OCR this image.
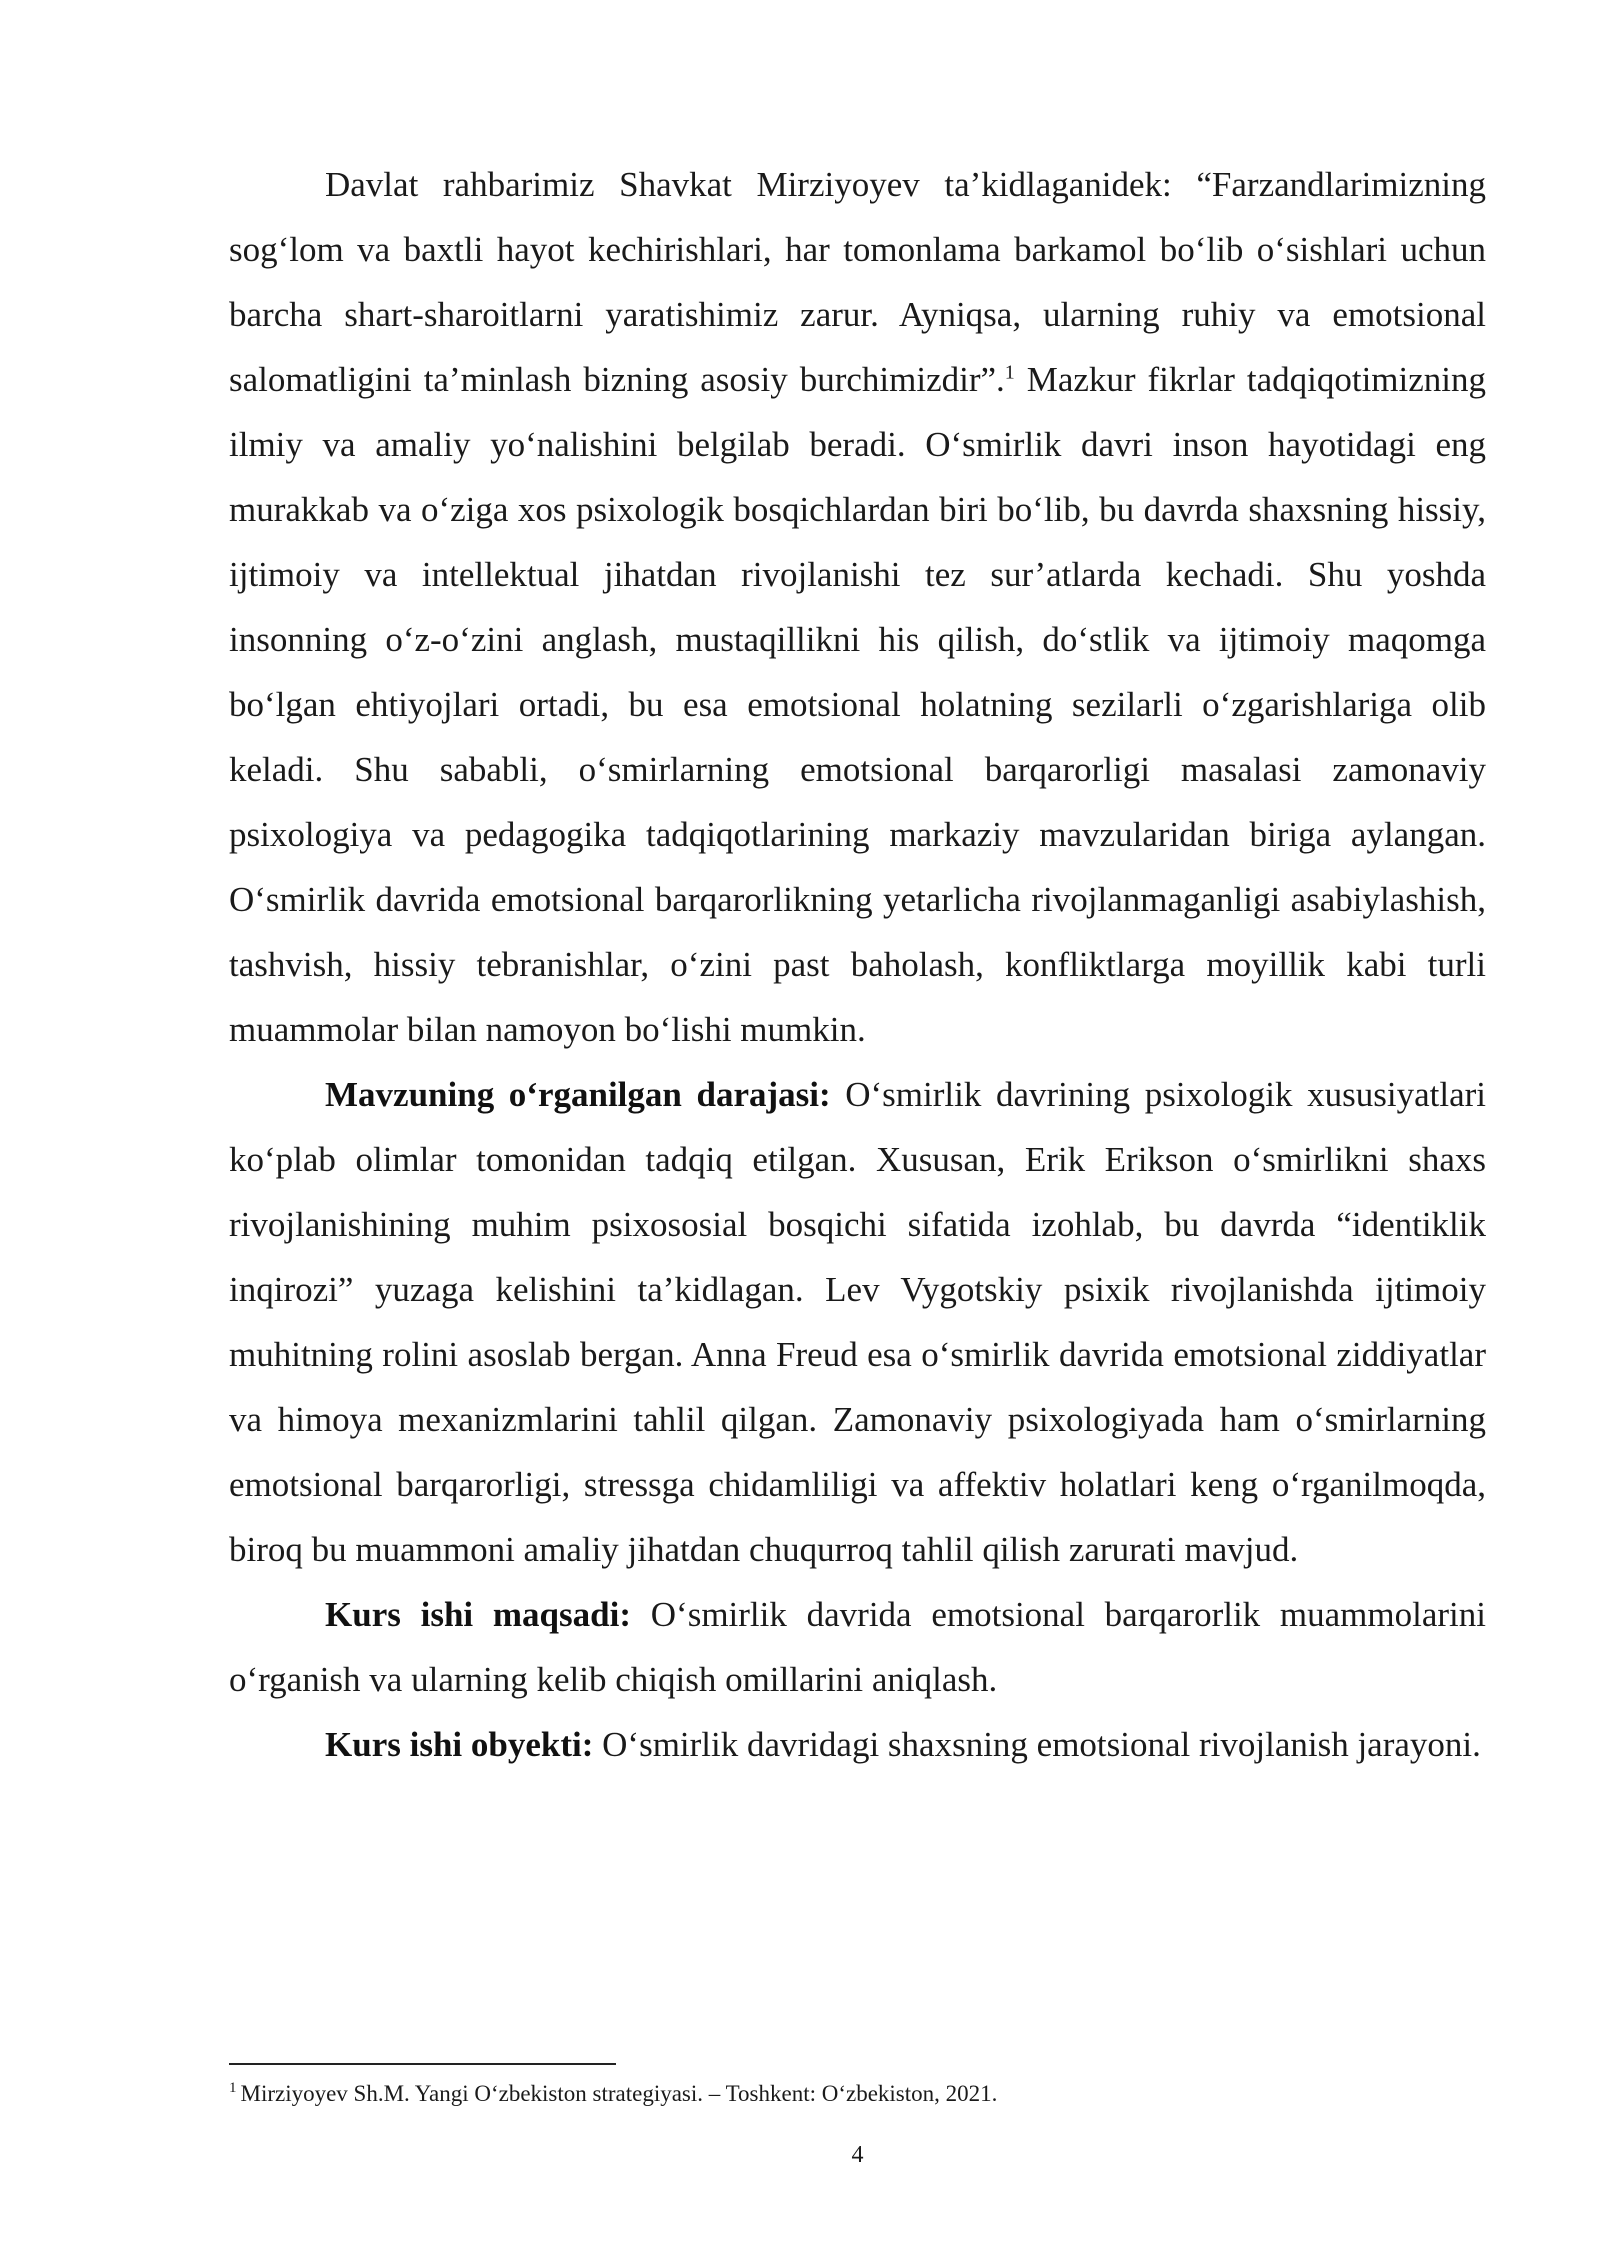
Davlat rahbarimiz Shavkat Mirziyoyev ta’kidlaganidek: “Farzandlarimizning sog‘lom va baxtli hayot kechirishlari, har tomonlama barkamol bo‘lib o‘sishlari uchun barcha shart-sharoitlarni yaratishimiz zarur. Ayniqsa, ularning ruhiy va emotsional salomatligini ta’minlash bizning asosiy burchimizdir”.$^1$ Mazkur fikrlar tadqiqotimizning ilmiy va amaliy yo‘nalishini belgilab beradi. O‘smirlik davri inson hayotidagi eng murakkab va o‘ziga xos psixologik bosqichlardan biri bo‘lib, bu davrda shaxsning hissiy, ijtimoiy va intellektual jihatdan rivojlanishi tez sur’atlarda kechadi. Shu yoshda insonning o‘z-o‘zini anglash, mustaqillikni his qilish, do‘stlik va ijtimoiy maqomga bo‘lgan ehtiyojlari ortadi, bu esa emotsional holatning sezilarli o‘zgarishlariga olib keladi. Shu sababli, o‘smirlarning emotsional barqarorligi masalasi zamonaviy psixologiya va pedagogika tadqiqotlarining markaziy mavzularidan biriga aylangan. O‘smirlik davrida emotsional barqarorlikning yetarlicha rivojlanmaganligi asabiylashish, tashvish, hissiy tebranishlar, o‘zini past baholash, konfliktlarga moyillik kabi turli muammolar bilan namoyon bo‘lishi mumkin.

Mavzuning o‘rganilgan darajasi: O‘smirlik davrining psixologik xususiyatlari ko‘plab olimlar tomonidan tadqiq etilgan. Xususan, Erik Erikson o‘smirlikni shaxs rivojlanishining muhim psixososial bosqichi sifatida izohlab, bu davrda “identiklik inqirozi” yuzaga kelishini ta’kidlagan. Lev Vygotskiy psixik rivojlanishda ijtimoiy muhitning rolini asoslab bergan. Anna Freud esa o‘smirlik davrida emotsional ziddiyatlar va himoya mexanizmlarini tahlil qilgan. Zamonaviy psixologiyada ham o‘smirlarning emotsional barqarorligi, stressga chidamliligi va affektiv holatlari keng o‘rganilmoqda, biroq bu muammoni amaliy jihatdan chuqurroq tahlil qilish zarurati mavjud.

Kurs ishi maqsadi: O‘smirlik davrida emotsional barqarorlik muammolarini o‘rganish va ularning kelib chiqish omillarini aniqlash.

Kurs ishi obyekti: O‘smirlik davridagi shaxsning emotsional rivojlanish jarayoni.

$^1$ Mirziyoyev Sh.M. Yangi O‘zbekiston strategiyasi. – Toshkent: O‘zbekiston, 2021.
4
